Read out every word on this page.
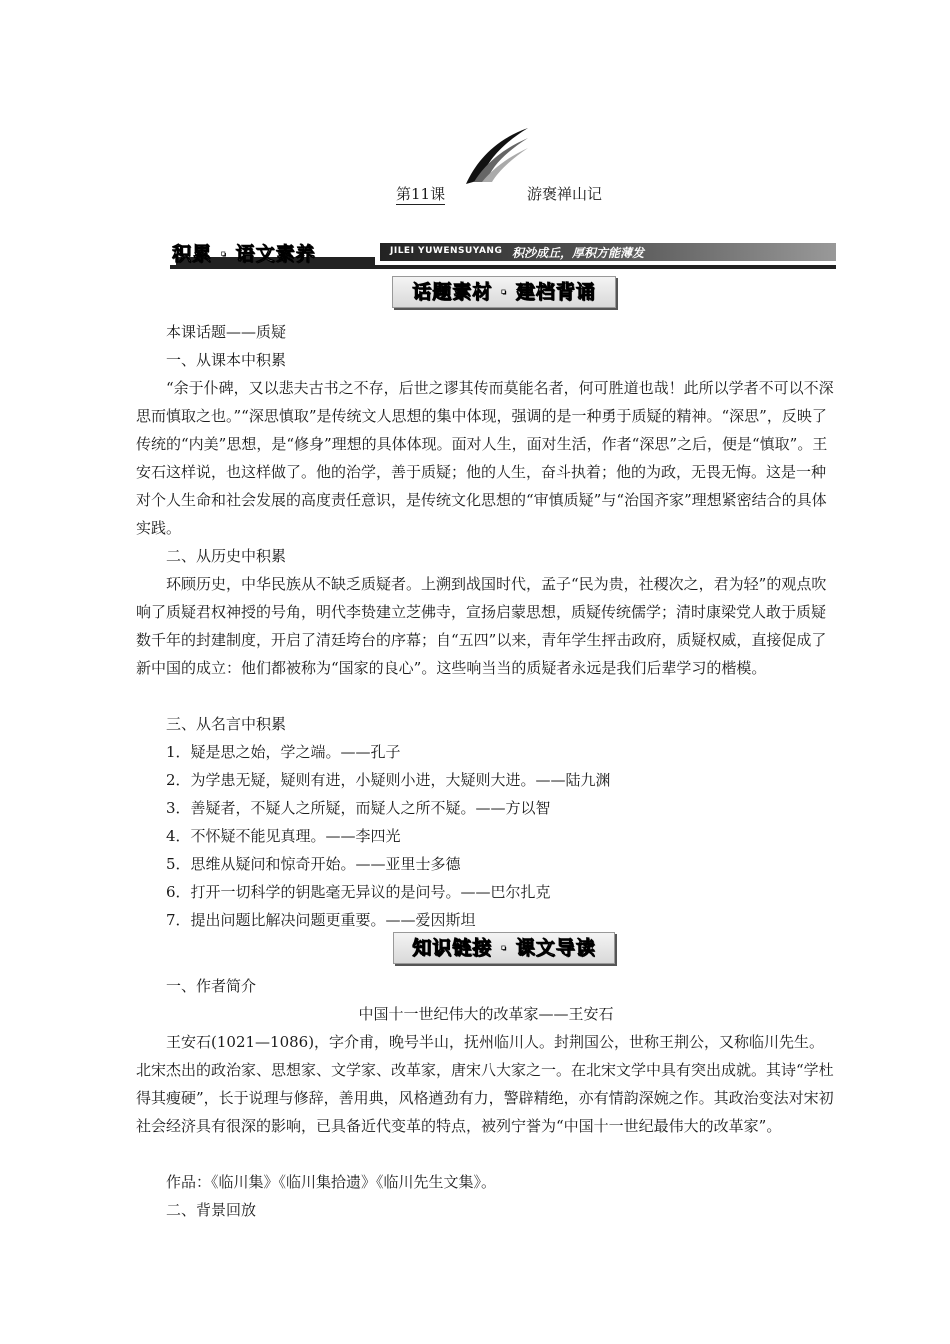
第11课	游褒禅山记
积累 · 语文素养	JILEI YUWENSUYANG 积沙成丘，厚积方能薄发
话题素材 · 建档背诵
本课话题——质疑
一、从课本中积累
“余于仆碑，又以悲夫古书之不存，后世之谬其传而莫能名者，何可胜道也哉！此所以学者不可以不深思而慎取之也。”“深思慎取”是传统文人思想的集中体现，强调的是一种勇于质疑的精神。“深思”，反映了传统的“内美”思想，是“修身”理想的具体体现。面对人生，面对生活，作者“深思”之后，便是“慎取”。王安石这样说，也这样做了。他的治学，善于质疑；他的人生，奋斗执着；他的为政，无畏无悔。这是一种对个人生命和社会发展的高度责任意识，是传统文化思想的“审慎质疑”与“治国齐家”理想紧密结合的具体实践。
二、从历史中积累
环顾历史，中华民族从不缺乏质疑者。上溯到战国时代，孟子“民为贵，社稷次之，君为轻”的观点吹响了质疑君权神授的号角，明代李贽建立芝佛寺，宣扬启蒙思想，质疑传统儒学；清时康梁党人敢于质疑数千年的封建制度，开启了清廷垮台的序幕；自“五四”以来，青年学生抨击政府，质疑权威，直接促成了新中国的成立：他们都被称为“国家的良心”。这些响当当的质疑者永远是我们后辈学习的楷模。
三、从名言中积累
1．疑是思之始，学之端。——孔子
2．为学患无疑，疑则有进，小疑则小进，大疑则大进。——陆九渊
3．善疑者，不疑人之所疑，而疑人之所不疑。——方以智
4．不怀疑不能见真理。——李四光
5．思维从疑问和惊奇开始。——亚里士多德
6．打开一切科学的钥匙毫无异议的是问号。——巴尔扎克
7．提出问题比解决问题更重要。——爱因斯坦
知识链接 · 课文导读
一、作者简介
中国十一世纪伟大的改革家——王安石
王安石(1021—1086)，字介甫，晚号半山，抚州临川人。封荆国公，世称王荆公，又称临川先生。北宋杰出的政治家、思想家、文学家、改革家，唐宋八大家之一。在北宋文学中具有突出成就。其诗“学杜得其瘦硬”，长于说理与修辞，善用典，风格遒劲有力，警辟精绝，亦有情韵深婉之作。其政治变法对宋初社会经济具有很深的影响，已具备近代变革的特点，被列宁誉为“中国十一世纪最伟大的改革家”。
作品：《临川集》《临川集拾遗》《临川先生文集》。
二、背景回放
